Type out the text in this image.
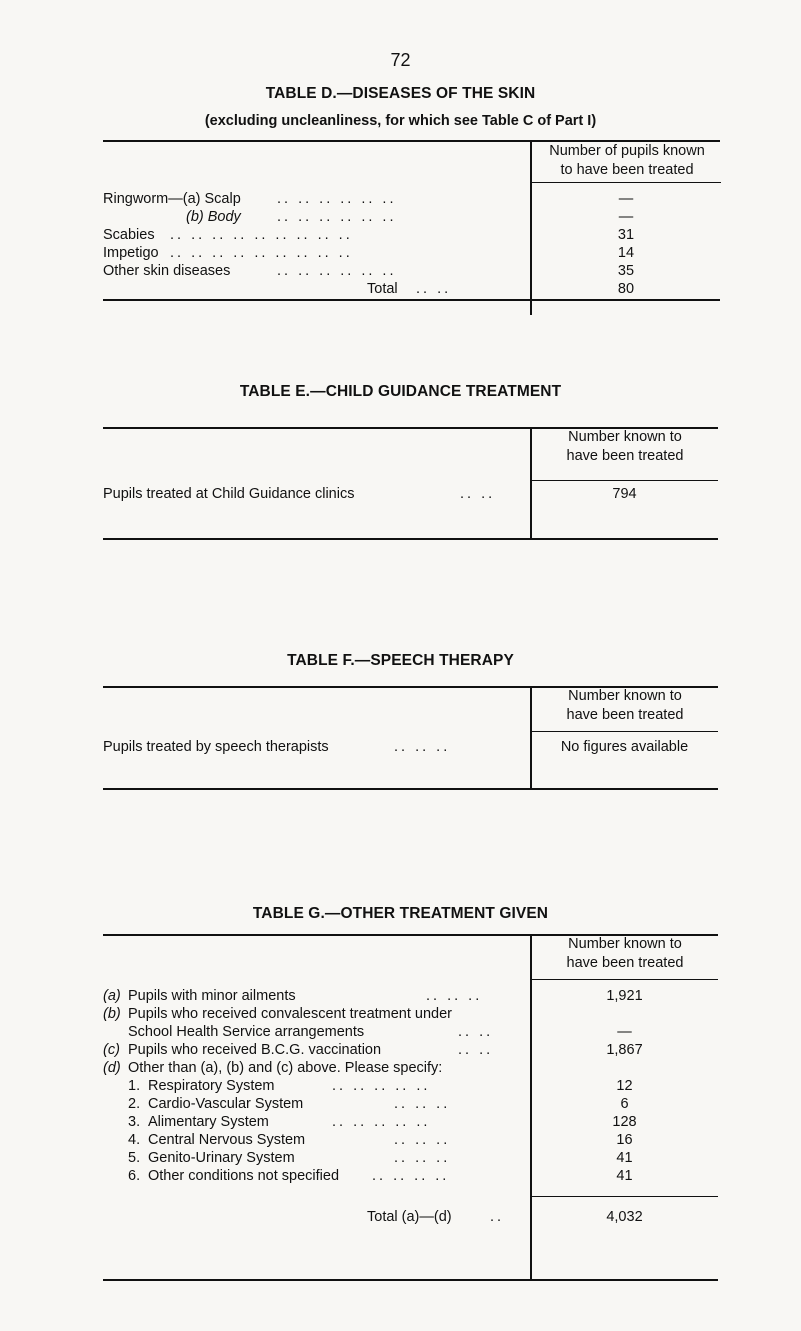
72
TABLE D.—DISEASES OF THE SKIN
(excluding uncleanliness, for which see Table C of Part I)
Number of pupils known
to have been treated
Ringworm—(a) Scalp .. .. .. .. .. ..	—
(b) Body .. .. .. .. .. ..	—
Scabies .. .. .. .. .. .. .. .. ..	31
Impetigo .. .. .. .. .. .. .. .. ..	14
Other skin diseases	.. .. .. .. .. ..	35
Total .. ..	80
TABLE E.—CHILD GUIDANCE TREATMENT
Number known to
have been treated
Pupils treated at Child Guidance clinics	.. ..	794
TABLE F.—SPEECH THERAPY
Number known to
have been treated
Pupils treated by speech therapists	.. .. ..	No figures available
TABLE G.—OTHER TREATMENT GIVEN
Number known to
have been treated
(a) Pupils with minor ailments	.. .. ..	1,921
(b) Pupils who received convalescent treatment under
School Health Service arrangements	.. ..	—
(c) Pupils who received B.C.G. vaccination	.. ..	1,867
(d) Other than (a), (b) and (c) above. Please specify:
1. Respiratory System	.. .. .. .. ..	12
2. Cardio-Vascular System	.. .. ..	6
3. Alimentary System	.. .. .. .. ..	128
4. Central Nervous System	.. .. ..	16
5. Genito-Urinary System	.. .. ..	41
6. Other conditions not specified .. .. .. ..	41
Total (a)—(d)	..	4,032
